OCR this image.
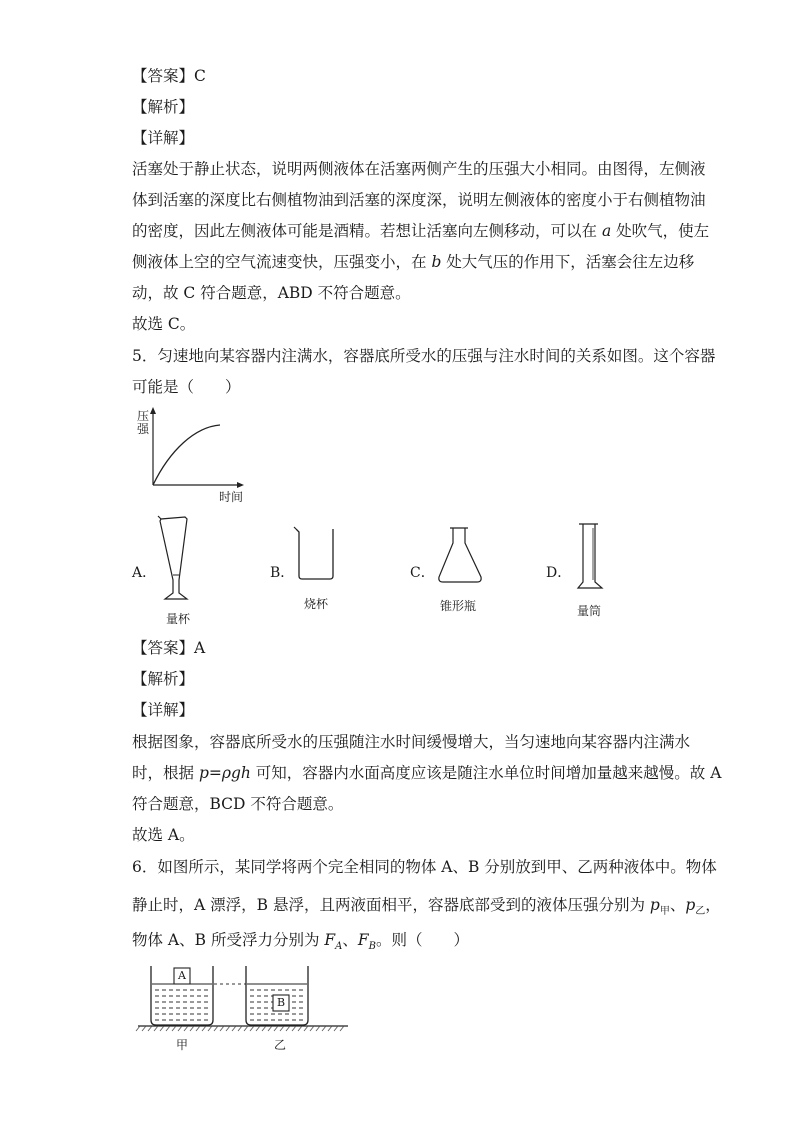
【答案】C
【解析】
【详解】
活塞处于静止状态，说明两侧液体在活塞两侧产生的压强大小相同。由图得，左侧液
体到活塞的深度比右侧植物油到活塞的深度深，说明左侧液体的密度小于右侧植物油
的密度，因此左侧液体可能是酒精。若想让活塞向左侧移动，可以在 a 处吹气，使左
侧液体上空的空气流速变快，压强变小，在 b 处大气压的作用下，活塞会往左边移
动，故 C 符合题意，ABD 不符合题意。
故选 C。
5．匀速地向某容器内注满水，容器底所受水的压强与注水时间的关系如图。这个容器
可能是（　　）
压强
时间
A．
量杯
B．
烧杯
C．
锥形瓶
D．
量筒
【答案】A
【解析】
【详解】
根据图象，容器底所受水的压强随注水时间缓慢增大，当匀速地向某容器内注满水
时，根据 p=ρgh 可知，容器内水面高度应该是随注水单位时间增加量越来越慢。故 A
符合题意，BCD 不符合题意。
故选 A。
6．如图所示，某同学将两个完全相同的物体 A、B 分别放到甲、乙两种液体中。物体
静止时，A 漂浮，B 悬浮，且两液面相平，容器底部受到的液体压强分别为 $p_甲$、$p_乙$，
物体 A、B 所受浮力分别为 $F_A$、$F_B$。则（　　）
A
B
甲	乙
